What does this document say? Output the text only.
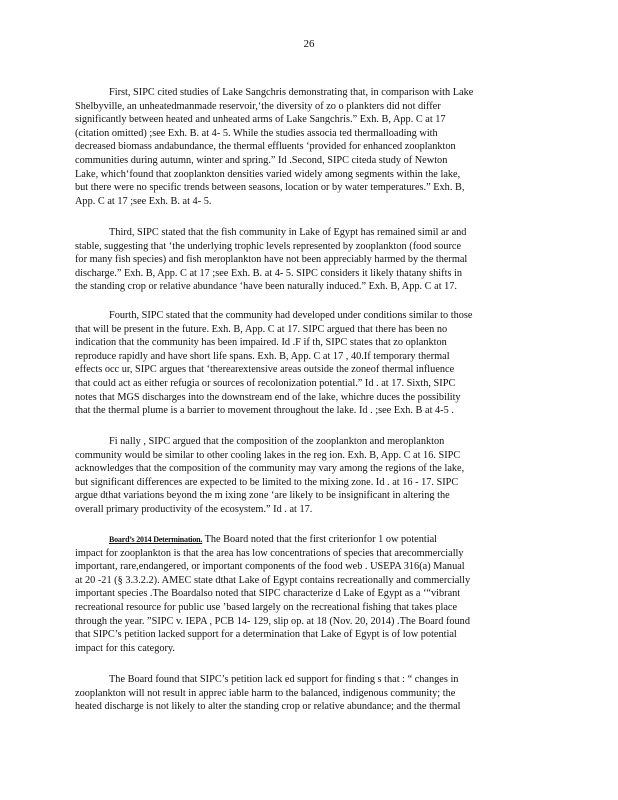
26
First, SIPC cited studies of Lake Sangchris demonstrating that, in comparison with Lake
Shelbyville, an unheatedmanmade reservoir,‘the diversity of zo o plankters did not differ
significantly between heated and unheated arms of Lake Sangchris.” Exh. B, App. C at 17
(citation omitted) ;see Exh. B. at 4- 5. While the studies associa ted thermalloading with
decreased biomass andabundance, the thermal effluents ‘provided for enhanced zooplankton
communities during autumn, winter and spring.” Id .Second, SIPC citeda study of Newton
Lake, which‘found that zooplankton densities varied widely among segments within the lake,
but there were no specific trends between seasons, location or by water temperatures.” Exh. B,
App. C at 17 ;see Exh. B. at 4- 5.
Third, SIPC stated that the fish community in Lake of Egypt has remained simil ar and
stable, suggesting that ‘the underlying trophic levels represented by zooplankton (food source
for many fish species) and fish meroplankton have not been appreciably harmed by the thermal
discharge.” Exh. B, App. C at 17 ;see Exh. B. at 4- 5. SIPC considers it likely thatany shifts in
the standing crop or relative abundance ‘have been naturally induced.” Exh. B, App. C at 17.
Fourth, SIPC stated that the community had developed under conditions similar to those
that will be present in the future. Exh. B, App. C at 17. SIPC argued that there has been no
indication that the community has been impaired. Id .F if th, SIPC states that zo oplankton
reproduce rapidly and have short life spans. Exh. B, App. C at 17 , 40.If temporary thermal
effects occ ur, SIPC argues that ‘therearextensive areas outside the zoneof thermal influence
that could act as either refugia or sources of recolonization potential.” Id . at 17. Sixth, SIPC
notes that MGS discharges into the downstream end of the lake, whichre duces the possibility
that the thermal plume is a barrier to movement throughout the lake. Id . ;see Exh. B at 4-5 .
Fi nally , SIPC argued that the composition of the zooplankton and meroplankton
community would be similar to other cooling lakes in the reg ion. Exh. B, App. C at 16. SIPC
acknowledges that the composition of the community may vary among the regions of the lake,
but significant differences are expected to be limited to the mixing zone. Id . at 16 - 17. SIPC
argue dthat variations beyond the m ixing zone ‘are likely to be insignificant in altering the
overall primary productivity of the ecosystem.” Id . at 17.
Board’s 2014 Determination. The Board noted that the first criterionfor 1 ow potential
impact for zooplankton is that the area has low concentrations of species that arecommercially
important, rare,endangered, or important components of the food web . USEPA 316(a) Manual
at 20 -21 (§ 3.3.2.2). AMEC state dthat Lake of Egypt contains recreationally and commercially
important species .The Boardalso noted that SIPC characterize d Lake of Egypt as a ‘“vibrant
recreational resource for public use ’based largely on the recreational fishing that takes place
through the year. ”SIPC v. IEPA , PCB 14- 129, slip op. at 18 (Nov. 20, 2014) .The Board found
that SIPC’s petition lacked support for a determination that Lake of Egypt is of low potential
impact for this category.
The Board found that SIPC’s petition lack ed support for finding s that : “ changes in
zooplankton will not result in apprec iable harm to the balanced, indigenous community; the
heated discharge is not likely to alter the standing crop or relative abundance; and the thermal
